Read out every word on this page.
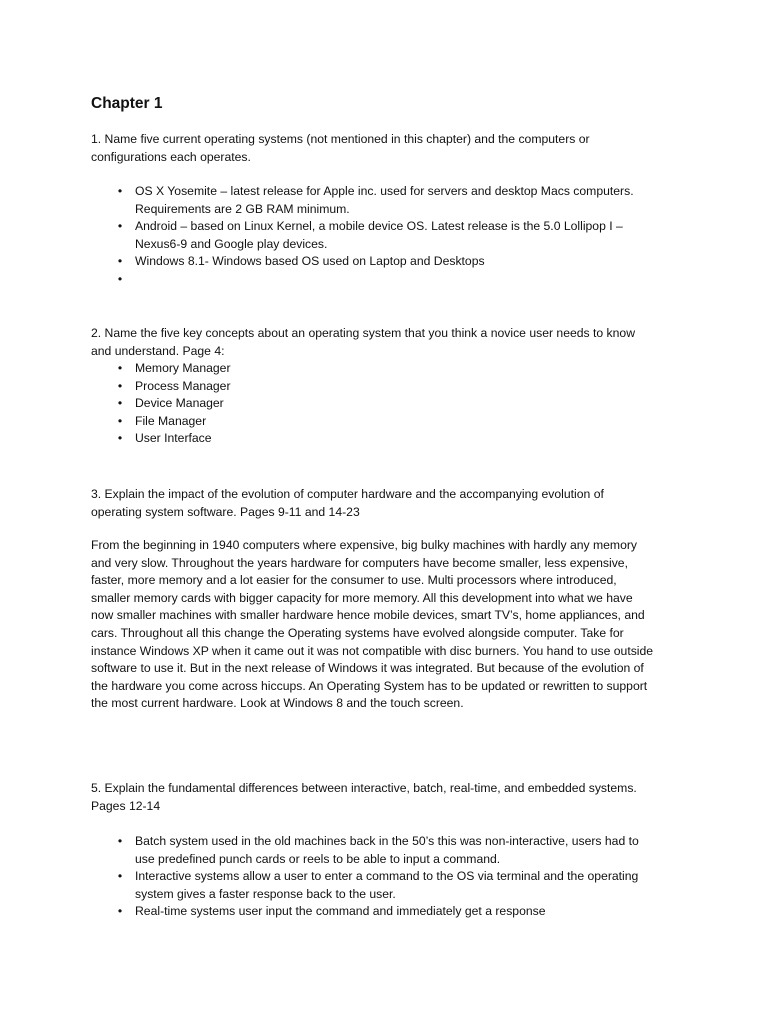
Chapter 1

1. Name five current operating systems (not mentioned in this chapter) and the computers or
configurations each operates.

•	OS X Yosemite – latest release for Apple inc. used for servers and desktop Macs computers.
Requirements are 2 GB RAM minimum.
•	Android – based on Linux Kernel, a mobile device OS. Latest release is the 5.0 Lollipop I –
Nexus6-9 and Google play devices.
•	Windows 8.1- Windows based OS used on Laptop and Desktops
•

2. Name the five key concepts about an operating system that you think a novice user needs to know
and understand. Page 4:

•	Memory Manager
•	Process Manager
•	Device Manager
•	File Manager
•	User Interface

3. Explain the impact of the evolution of computer hardware and the accompanying evolution of
operating system software. Pages 9-11 and 14-23

From the beginning in 1940 computers where expensive, big bulky machines with hardly any memory
and very slow. Throughout the years hardware for computers have become smaller, less expensive,
faster, more memory and a lot easier for the consumer to use. Multi processors where introduced,
smaller memory cards with bigger capacity for more memory. All this development into what we have
now smaller machines with smaller hardware hence mobile devices, smart TV’s, home appliances, and
cars. Throughout all this change the Operating systems have evolved alongside computer. Take for
instance Windows XP when it came out it was not compatible with disc burners. You hand to use outside
software to use it. But in the next release of Windows it was integrated. But because of the evolution of
the hardware you come across hiccups. An Operating System has to be updated or rewritten to support
the most current hardware. Look at Windows 8 and the touch screen.

5. Explain the fundamental differences between interactive, batch, real-time, and embedded systems.
Pages 12-14

•	Batch system used in the old machines back in the 50’s this was non-interactive, users had to
use predefined punch cards or reels to be able to input a command.
•	Interactive systems allow a user to enter a command to the OS via terminal and the operating
system gives a faster response back to the user.
•	Real-time systems user input the command and immediately get a response
